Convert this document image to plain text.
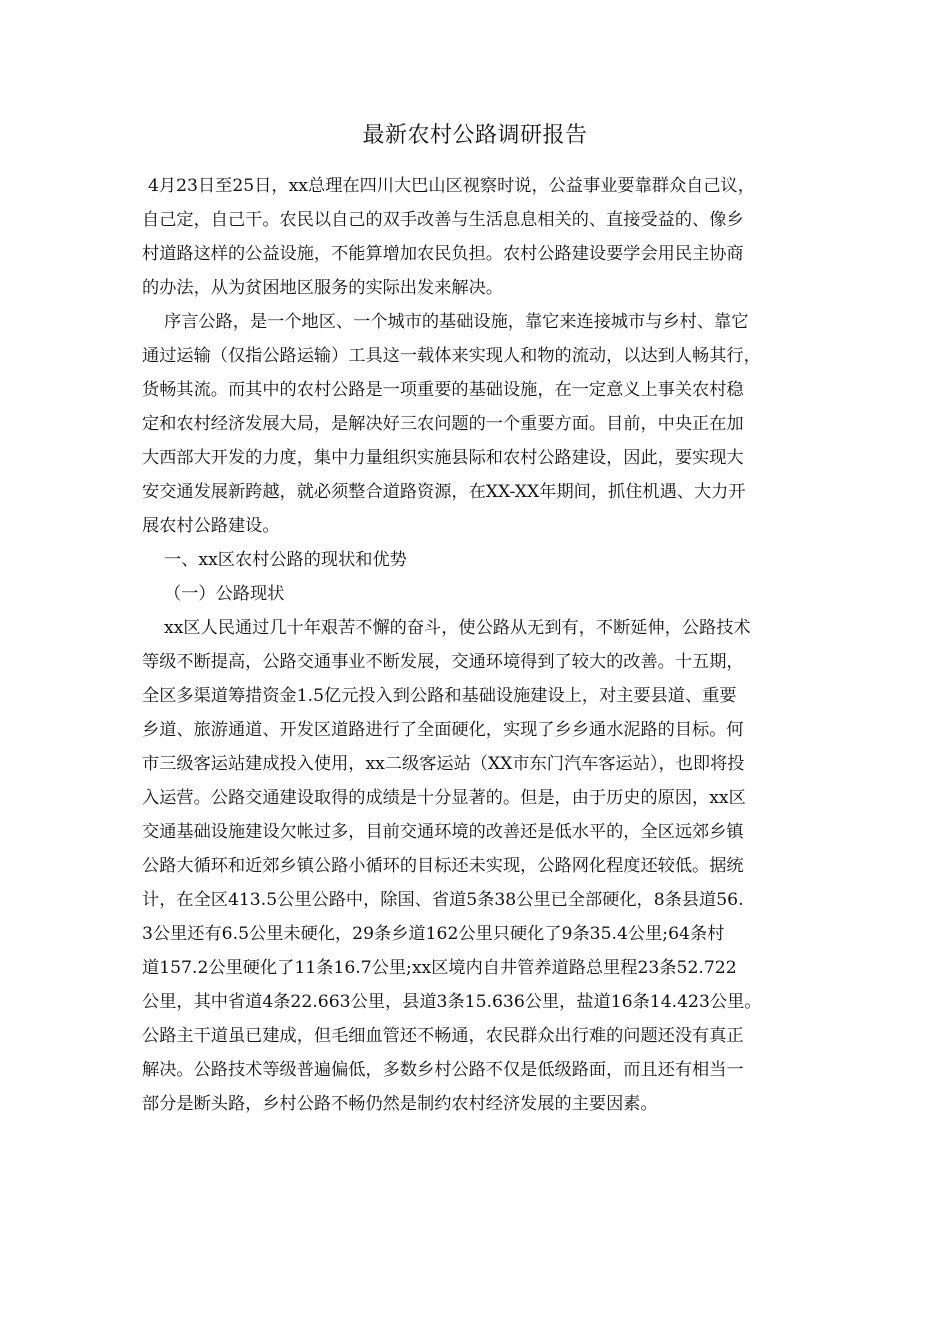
最新农村公路调研报告
4月23日至25日，xx总理在四川大巴山区视察时说，公益事业要靠群众自己议，
自己定，自己干。农民以自己的双手改善与生活息息相关的、直接受益的、像乡
村道路这样的公益设施，不能算增加农民负担。农村公路建设要学会用民主协商
的办法，从为贫困地区服务的实际出发来解决。
序言公路，是一个地区、一个城市的基础设施，靠它来连接城市与乡村、靠它
通过运输（仅指公路运输）工具这一载体来实现人和物的流动，以达到人畅其行，
货畅其流。而其中的农村公路是一项重要的基础设施，在一定意义上事关农村稳
定和农村经济发展大局，是解决好三农问题的一个重要方面。目前，中央正在加
大西部大开发的力度，集中力量组织实施县际和农村公路建设，因此，要实现大
安交通发展新跨越，就必须整合道路资源，在XX-XX年期间，抓住机遇、大力开
展农村公路建设。
一、xx区农村公路的现状和优势
（一）公路现状
xx区人民通过几十年艰苦不懈的奋斗，使公路从无到有，不断延伸，公路技术
等级不断提高，公路交通事业不断发展，交通环境得到了较大的改善。十五期，
全区多渠道筹措资金1.5亿元投入到公路和基础设施建设上，对主要县道、重要
乡道、旅游通道、开发区道路进行了全面硬化，实现了乡乡通水泥路的目标。何
市三级客运站建成投入使用，xx二级客运站（XX市东门汽车客运站），也即将投
入运营。公路交通建设取得的成绩是十分显著的。但是，由于历史的原因，xx区
交通基础设施建设欠帐过多，目前交通环境的改善还是低水平的，全区远郊乡镇
公路大循环和近郊乡镇公路小循环的目标还未实现，公路网化程度还较低。据统
计，在全区413.5公里公路中，除国、省道5条38公里已全部硬化，8条县道56.
3公里还有6.5公里未硬化，29条乡道162公里只硬化了9条35.4公里;64条村
道157.2公里硬化了11条16.7公里;xx区境内自井管养道路总里程23条52.722
公里，其中省道4条22.663公里，县道3条15.636公里，盐道16条14.423公里。
公路主干道虽已建成，但毛细血管还不畅通，农民群众出行难的问题还没有真正
解决。公路技术等级普遍偏低，多数乡村公路不仅是低级路面，而且还有相当一
部分是断头路，乡村公路不畅仍然是制约农村经济发展的主要因素。
